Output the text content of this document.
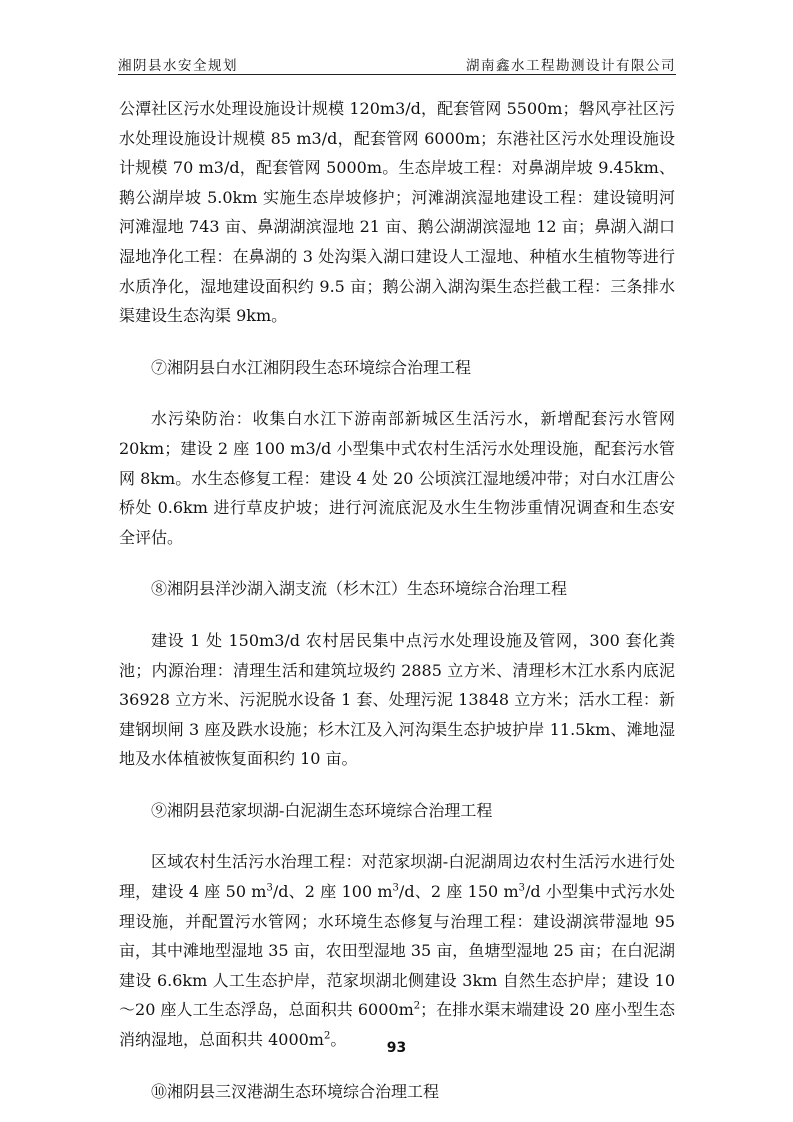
湘阴县水安全规划	湖南鑫水工程勘测设计有限公司

公潭社区污水处理设施设计规模 120m3/d，配套管网 5500m；磐风亭社区污水处理设施设计规模 85 m3/d，配套管网 6000m；东港社区污水处理设施设计规模 70 m3/d，配套管网 5000m。生态岸坡工程：对鼻湖岸坡 9.45km、鹅公湖岸坡 5.0km 实施生态岸坡修护；河滩湖滨湿地建设工程：建设镜明河河滩湿地 743 亩、鼻湖湖滨湿地 21 亩、鹅公湖湖滨湿地 12 亩；鼻湖入湖口湿地净化工程：在鼻湖的 3 处沟渠入湖口建设人工湿地、种植水生植物等进行水质净化，湿地建设面积约 9.5 亩；鹅公湖入湖沟渠生态拦截工程：三条排水渠建设生态沟渠 9km。

⑦湘阴县白水江湘阴段生态环境综合治理工程

水污染防治：收集白水江下游南部新城区生活污水，新增配套污水管网 20km；建设 2 座 100 m3/d 小型集中式农村生活污水处理设施，配套污水管网 8km。水生态修复工程：建设 4 处 20 公顷滨江湿地缓冲带；对白水江唐公桥处 0.6km 进行草皮护坡；进行河流底泥及水生生物涉重情况调查和生态安全评估。

⑧湘阴县洋沙湖入湖支流（杉木江）生态环境综合治理工程

建设 1 处 150m3/d 农村居民集中点污水处理设施及管网，300 套化粪池；内源治理：清理生活和建筑垃圾约 2885 立方米、清理杉木江水系内底泥 36928 立方米、污泥脱水设备 1 套、处理污泥 13848 立方米；活水工程：新建钢坝闸 3 座及跌水设施；杉木江及入河沟渠生态护坡护岸 11.5km、滩地湿地及水体植被恢复面积约 10 亩。

⑨湘阴县范家坝湖-白泥湖生态环境综合治理工程

区域农村生活污水治理工程：对范家坝湖-白泥湖周边农村生活污水进行处理，建设 4 座 50 $m^3/d$、2 座 100 $m^3/d$、2 座 150 $m^3/d$ 小型集中式污水处理设施，并配置污水管网；水环境生态修复与治理工程：建设湖滨带湿地 95 亩，其中滩地型湿地 35 亩，农田型湿地 35 亩，鱼塘型湿地 25 亩；在白泥湖建设 6.6km 人工生态护岸，范家坝湖北侧建设 3km 自然生态护岸；建设 10～20 座人工生态浮岛，总面积共 $6000m^2$；在排水渠末端建设 20 座小型生态消纳湿地，总面积共 $4000m^2$。

⑩湘阴县三汊港湖生态环境综合治理工程

93
